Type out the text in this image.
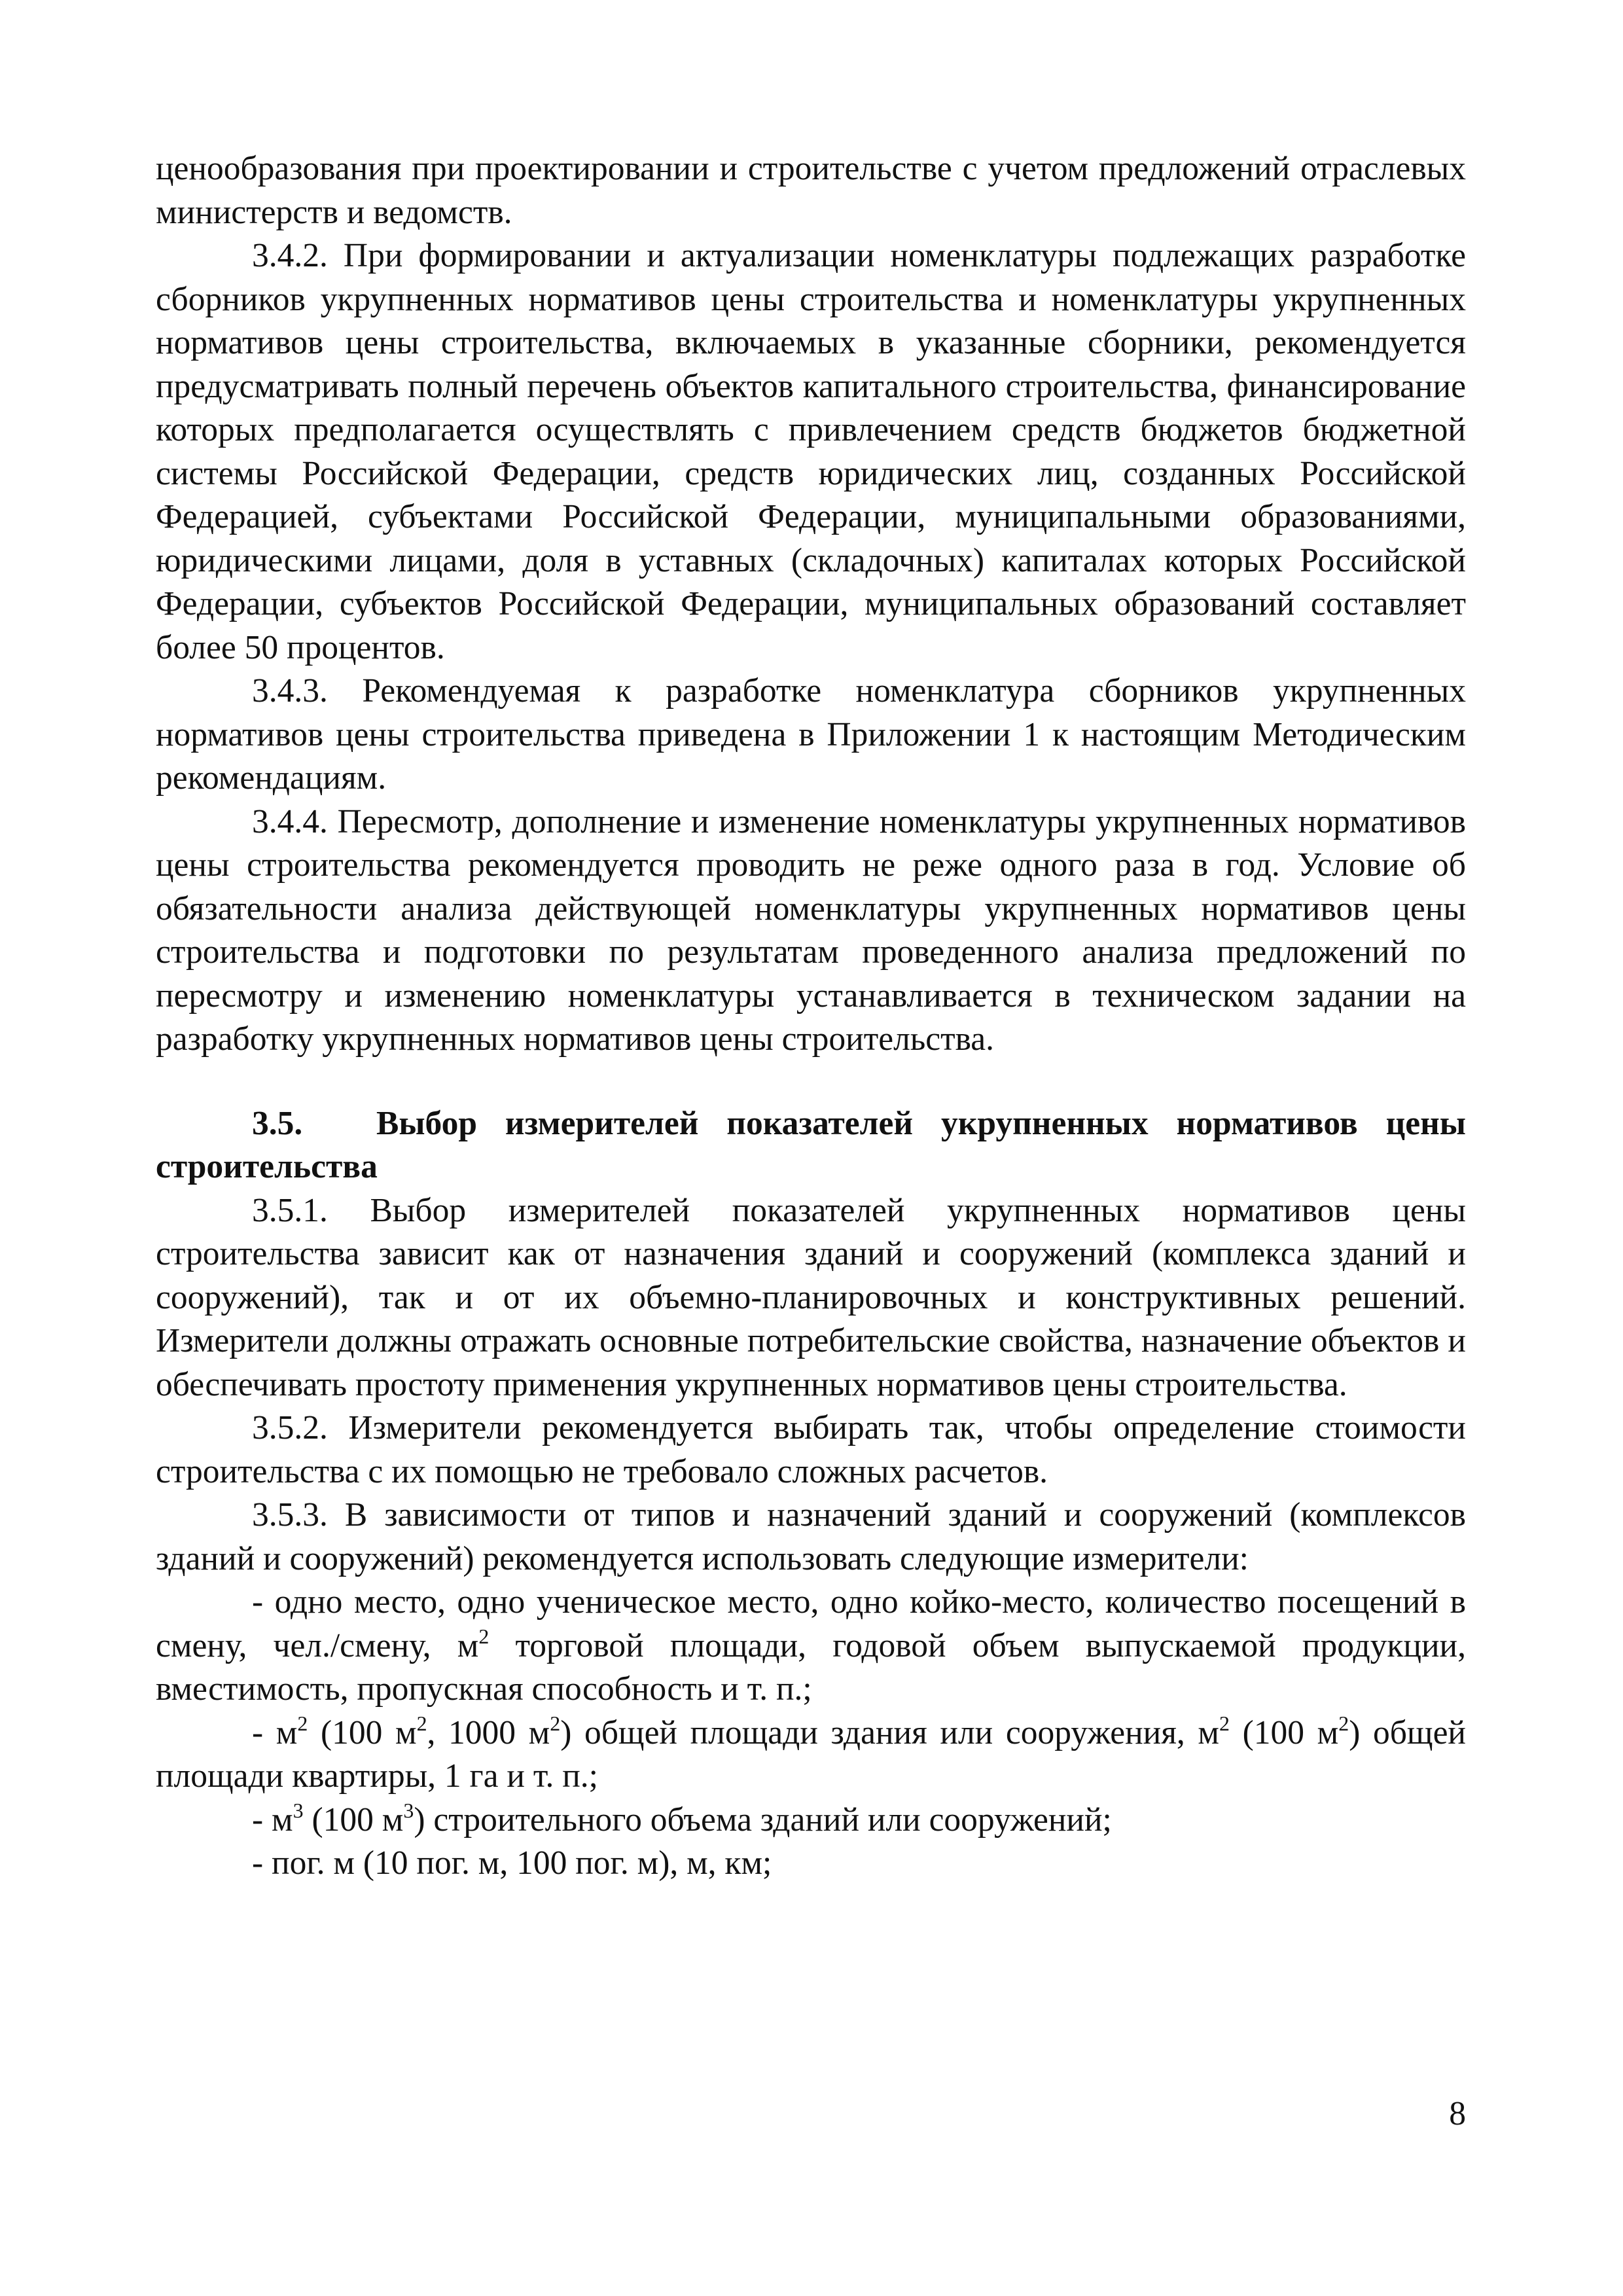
ценообразования при проектировании и строительстве с учетом предложений отраслевых министерств и ведомств.

3.4.2. При формировании и актуализации номенклатуры подлежащих разработке сборников укрупненных нормативов цены строительства и номенклатуры укрупненных нормативов цены строительства, включаемых в указанные сборники, рекомендуется предусматривать полный перечень объектов капитального строительства, финансирование которых предполагается осуществлять с привлечением средств бюджетов бюджетной системы Российской Федерации, средств юридических лиц, созданных Российской Федерацией, субъектами Российской Федерации, муниципальными образованиями, юридическими лицами, доля в уставных (складочных) капиталах которых Российской Федерации, субъектов Российской Федерации, муниципальных образований составляет более 50 процентов.

3.4.3. Рекомендуемая к разработке номенклатура сборников укрупненных нормативов цены строительства приведена в Приложении 1 к настоящим Методическим рекомендациям.

3.4.4. Пересмотр, дополнение и изменение номенклатуры укрупненных нормативов цены строительства рекомендуется проводить не реже одного раза в год. Условие об обязательности анализа действующей номенклатуры укрупненных нормативов цены строительства и подготовки по результатам проведенного анализа предложений по пересмотру и изменению номенклатуры устанавливается в техническом задании на разработку укрупненных нормативов цены строительства.

3.5. Выбор измерителей показателей укрупненных нормативов цены строительства

3.5.1. Выбор измерителей показателей укрупненных нормативов цены строительства зависит как от назначения зданий и сооружений (комплекса зданий и сооружений), так и от их объемно-планировочных и конструктивных решений. Измерители должны отражать основные потребительские свойства, назначение объектов и обеспечивать простоту применения укрупненных нормативов цены строительства.

3.5.2. Измерители рекомендуется выбирать так, чтобы определение стоимости строительства с их помощью не требовало сложных расчетов.

3.5.3. В зависимости от типов и назначений зданий и сооружений (комплексов зданий и сооружений) рекомендуется использовать следующие измерители:

- одно место, одно ученическое место, одно койко-место, количество посещений в смену, чел./смену, $м^2$ торговой площади, годовой объем выпускаемой продукции, вместимость, пропускная способность и т. п.;

- $м^2$ (100 $м^2$, 1000 $м^2$) общей площади здания или сооружения, $м^2$ (100 $м^2$) общей площади квартиры, 1 га и т. п.;

- $м^3$ (100 $м^3$) строительного объема зданий или сооружений;

- пог. м (10 пог. м, 100 пог. м), м, км;

8
